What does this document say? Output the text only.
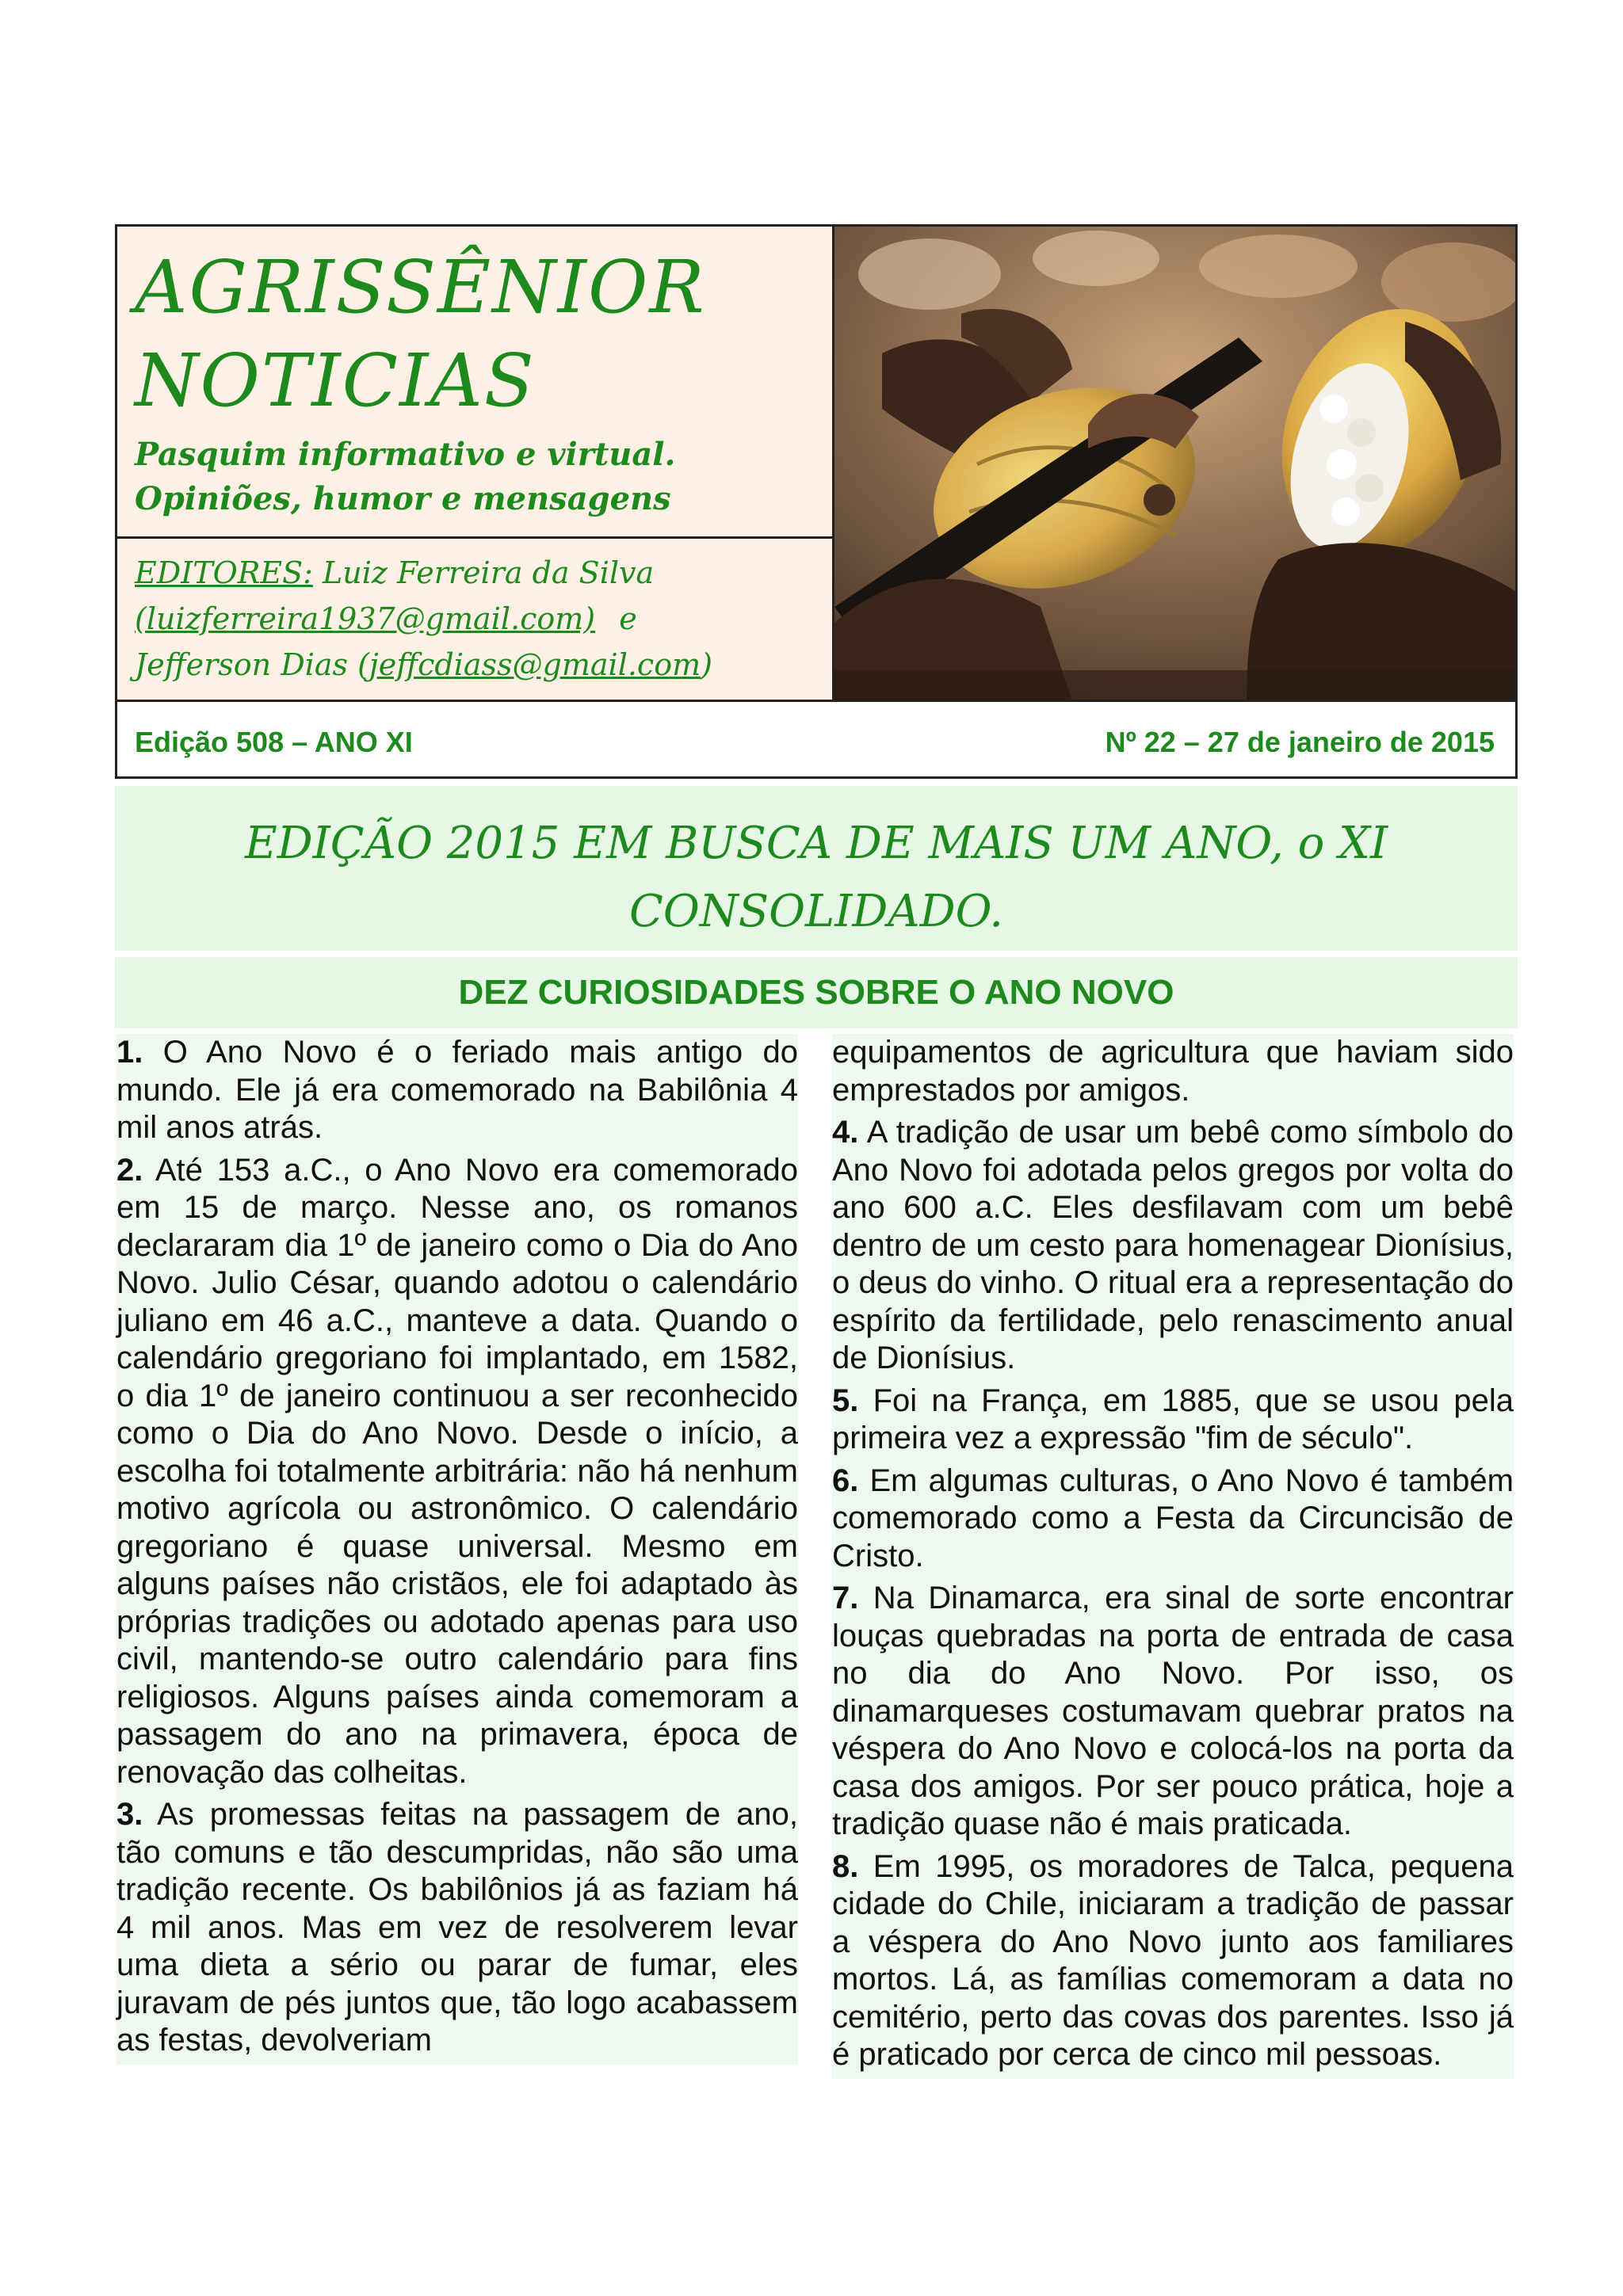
AGRISSÊNIOR
NOTICIAS
Pasquim informativo e virtual.
Opiniões, humor e mensagens
EDITORES: Luiz Ferreira da Silva
(luizferreira1937@gmail.com) e
Jefferson Dias (jeffcdiass@gmail.com)
Edição 508 – ANO XI	Nº 22 – 27 de janeiro de 2015
EDIÇÃO 2015 EM BUSCA DE MAIS UM ANO, o XI
CONSOLIDADO.
DEZ CURIOSIDADES SOBRE O ANO NOVO

1. O Ano Novo é o feriado mais antigo do mundo. Ele já era comemorado na Babilônia 4 mil anos atrás.

2. Até 153 a.C., o Ano Novo era comemorado em 15 de março. Nesse ano, os romanos declararam dia 1º de janeiro como o Dia do Ano Novo. Julio César, quando adotou o calendário juliano em 46 a.C., manteve a data. Quando o calendário gregoriano foi implantado, em 1582, o dia 1º de janeiro continuou a ser reconhecido como o Dia do Ano Novo. Desde o início, a escolha foi totalmente arbitrária: não há nenhum motivo agrícola ou astronômico. O calendário gregoriano é quase universal. Mesmo em alguns países não cristãos, ele foi adaptado às próprias tradições ou adotado apenas para uso civil, mantendo-se outro calendário para fins religiosos. Alguns países ainda comemoram a passagem do ano na primavera, época de renovação das colheitas.

3. As promessas feitas na passagem de ano, tão comuns e tão descumpridas, não são uma tradição recente. Os babilônios já as faziam há 4 mil anos. Mas em vez de resolverem levar uma dieta a sério ou parar de fumar, eles juravam de pés juntos que, tão logo acabassem as festas, devolveriam

equipamentos de agricultura que haviam sido emprestados por amigos.

4. A tradição de usar um bebê como símbolo do Ano Novo foi adotada pelos gregos por volta do ano 600 a.C. Eles desfilavam com um bebê dentro de um cesto para homenagear Dionísius, o deus do vinho. O ritual era a representação do espírito da fertilidade, pelo renascimento anual de Dionísius.

5. Foi na França, em 1885, que se usou pela primeira vez a expressão "fim de século".

6. Em algumas culturas, o Ano Novo é também comemorado como a Festa da Circuncisão de Cristo.

7. Na Dinamarca, era sinal de sorte encontrar louças quebradas na porta de entrada de casa no dia do Ano Novo. Por isso, os dinamarqueses costumavam quebrar pratos na véspera do Ano Novo e colocá-los na porta da casa dos amigos. Por ser pouco prática, hoje a tradição quase não é mais praticada.

8. Em 1995, os moradores de Talca, pequena cidade do Chile, iniciaram a tradição de passar a véspera do Ano Novo junto aos familiares mortos. Lá, as famílias comemoram a data no cemitério, perto das covas dos parentes. Isso já é praticado por cerca de cinco mil pessoas.
